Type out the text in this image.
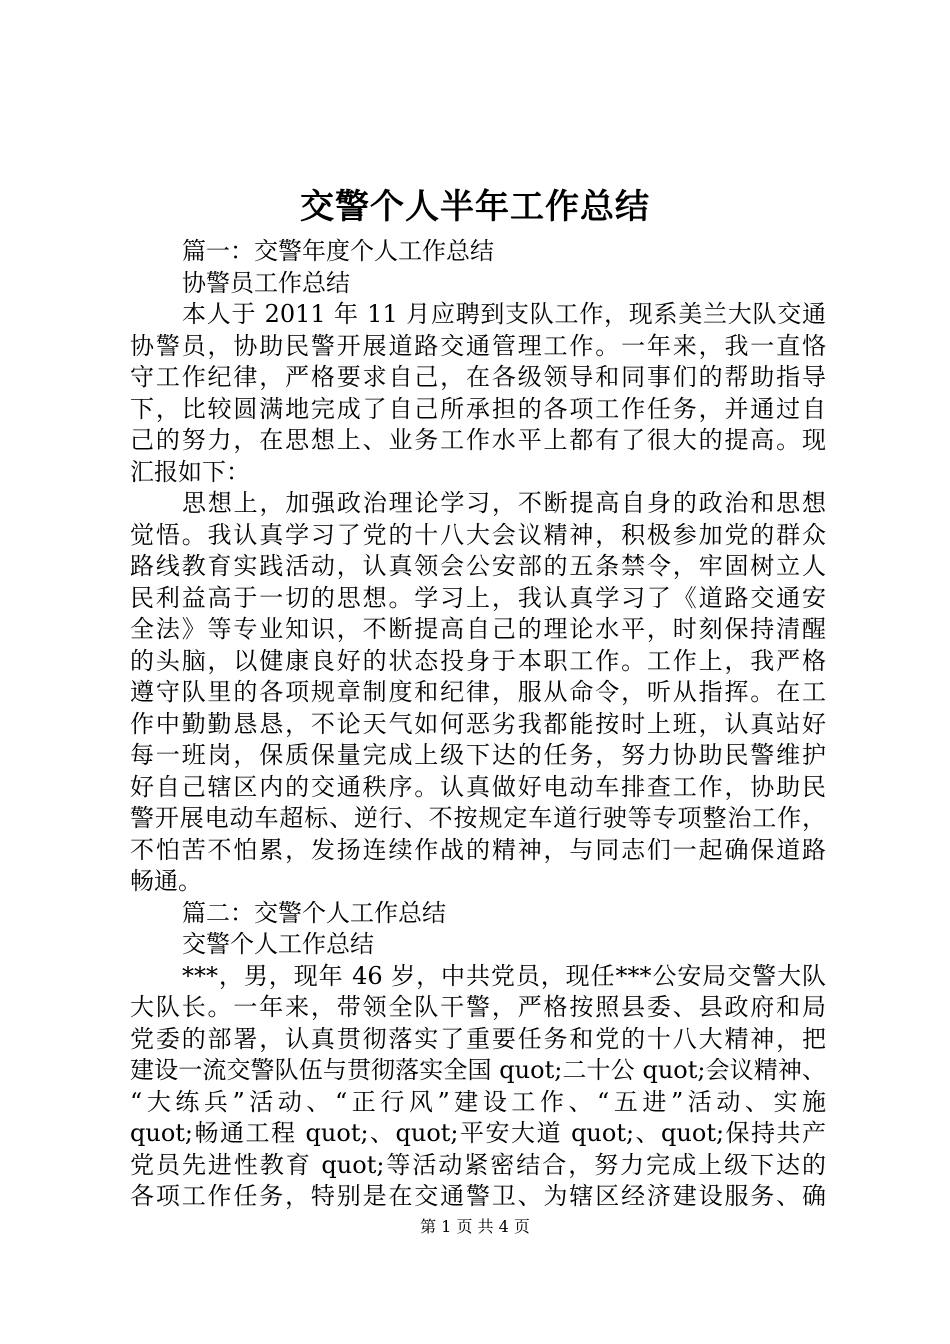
交警个人半年工作总结
篇一：交警年度个人工作总结
协警员工作总结
本人于 2011 年 11 月应聘到支队工作，现系美兰大队交通
协警员，协助民警开展道路交通管理工作。一年来，我一直恪
守工作纪律，严格要求自己，在各级领导和同事们的帮助指导
下，比较圆满地完成了自己所承担的各项工作任务，并通过自
己的努力，在思想上、业务工作水平上都有了很大的提高。现
汇报如下：
思想上，加强政治理论学习，不断提高自身的政治和思想
觉悟。我认真学习了党的十八大会议精神，积极参加党的群众
路线教育实践活动，认真领会公安部的五条禁令，牢固树立人
民利益高于一切的思想。学习上，我认真学习了《道路交通安
全法》等专业知识，不断提高自己的理论水平，时刻保持清醒
的头脑，以健康良好的状态投身于本职工作。工作上，我严格
遵守队里的各项规章制度和纪律，服从命令，听从指挥。在工
作中勤勤恳恳，不论天气如何恶劣我都能按时上班，认真站好
每一班岗，保质保量完成上级下达的任务，努力协助民警维护
好自己辖区内的交通秩序。认真做好电动车排查工作，协助民
警开展电动车超标、逆行、不按规定车道行驶等专项整治工作，
不怕苦不怕累，发扬连续作战的精神，与同志们一起确保道路
畅通。
篇二：交警个人工作总结
交警个人工作总结
***，男，现年 46 岁，中共党员，现任***公安局交警大队
大队长。一年来，带领全队干警，严格按照县委、县政府和局
党委的部署，认真贯彻落实了重要任务和党的十八大精神，把
建设一流交警队伍与贯彻落实全国 quot;二十公 quot;会议精神、
“大练兵”活动、“正行风”建设工作、“五进”活动、实施
quot;畅通工程 quot;、quot;平安大道 quot;、quot;保持共产
党员先进性教育 quot;等活动紧密结合，努力完成上级下达的
各项工作任务，特别是在交通警卫、为辖区经济建设服务、确
第 1 页 共 4 页
